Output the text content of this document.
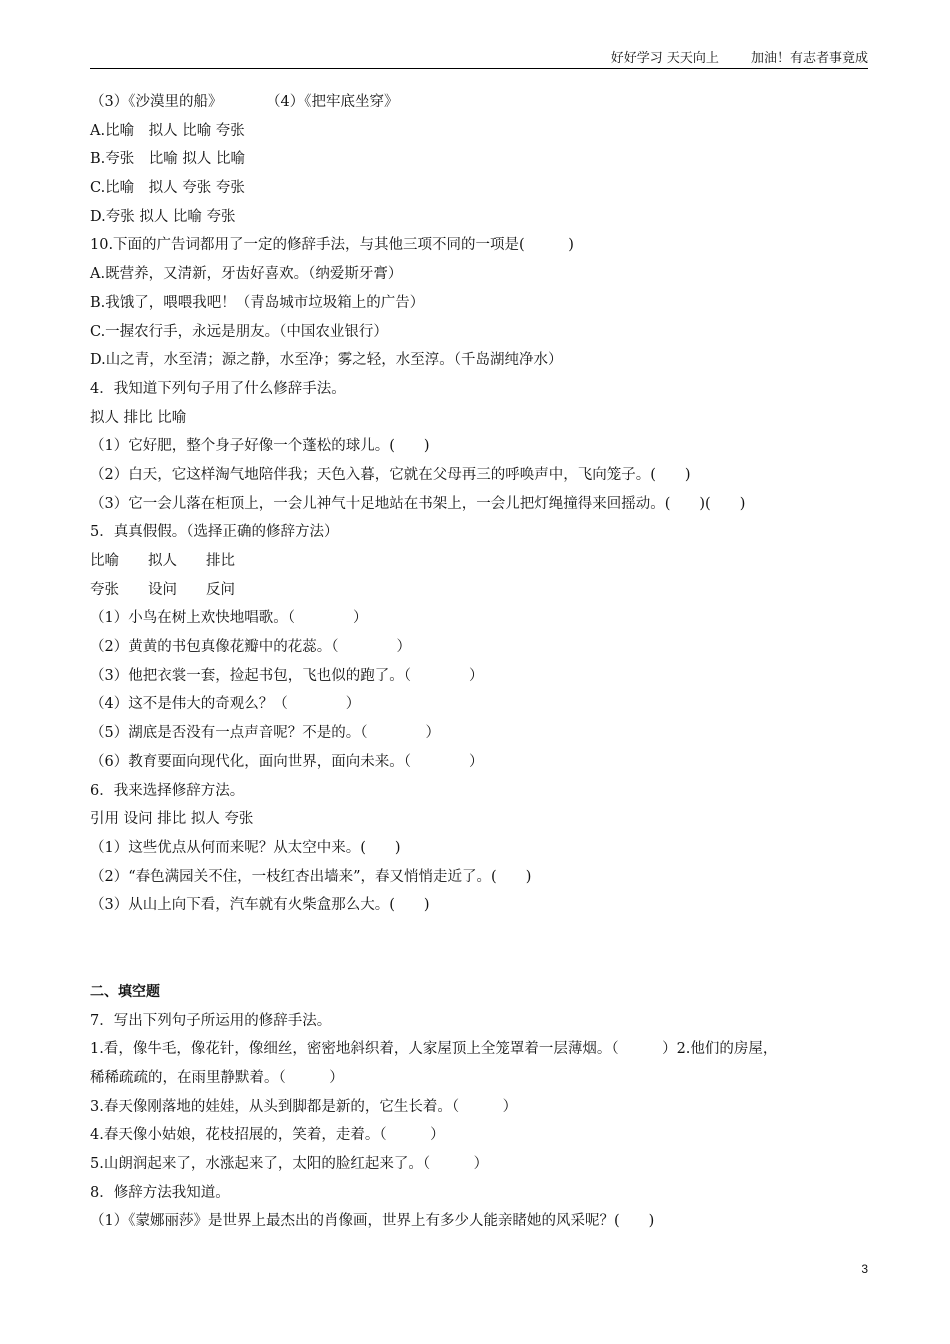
好好学习 天天向上 加油！有志者事竟成
（3）《沙漠里的船》　　　　（4）《把牢底坐穿》
A.比喻　拟人 比喻 夸张
B.夸张　比喻 拟人 比喻
C.比喻　拟人 夸张 夸张
D.夸张 拟人 比喻 夸张
10.下面的广告词都用了一定的修辞手法，与其他三项不同的一项是(　　　)
A.既营养，又清新，牙齿好喜欢。（纳爱斯牙膏）
B.我饿了，喂喂我吧！（青岛城市垃圾箱上的广告）
C.一握农行手，永远是朋友。（中国农业银行）
D.山之青，水至清；源之静，水至净；雾之轻，水至淳。（千岛湖纯净水）
4．我知道下列句子用了什么修辞手法。
拟人 排比 比喻
（1）它好肥，整个身子好像一个蓬松的球儿。(　　)
（2）白天，它这样淘气地陪伴我；天色入暮，它就在父母再三的呼唤声中，飞向笼子。(　　)
（3）它一会儿落在柜顶上，一会儿神气十足地站在书架上，一会儿把灯绳撞得来回摇动。(　　)(　　)
5．真真假假。（选择正确的修辞方法）
比喻　　拟人　　排比
夸张　　设问　　反问
（1）小鸟在树上欢快地唱歌。（　　　　）
（2）黄黄的书包真像花瓣中的花蕊。（　　　　）
（3）他把衣裳一套，捡起书包，飞也似的跑了。（　　　　）
（4）这不是伟大的奇观么？（　　　　）
（5）湖底是否没有一点声音呢？不是的。（　　　　）
（6）教育要面向现代化，面向世界，面向未来。（　　　　）
6．我来选择修辞方法。
引用 设问 排比 拟人 夸张
（1）这些优点从何而来呢？从太空中来。(　　)
（2）“春色满园关不住，一枝红杏出墙来”，春又悄悄走近了。(　　)
（3）从山上向下看，汽车就有火柴盒那么大。(　　)
二、填空题
7．写出下列句子所运用的修辞手法。
1.看，像牛毛，像花针，像细丝，密密地斜织着，人家屋顶上全笼罩着一层薄烟。（　　　）2.他们的房屋，
稀稀疏疏的，在雨里静默着。（　　　）
3.春天像刚落地的娃娃，从头到脚都是新的，它生长着。（　　　）
4.春天像小姑娘，花枝招展的，笑着，走着。（　　　）
5.山朗润起来了，水涨起来了，太阳的脸红起来了。（　　　）
8．修辞方法我知道。
（1）《蒙娜丽莎》是世界上最杰出的肖像画，世界上有多少人能亲睹她的风采呢？(　　)
3
